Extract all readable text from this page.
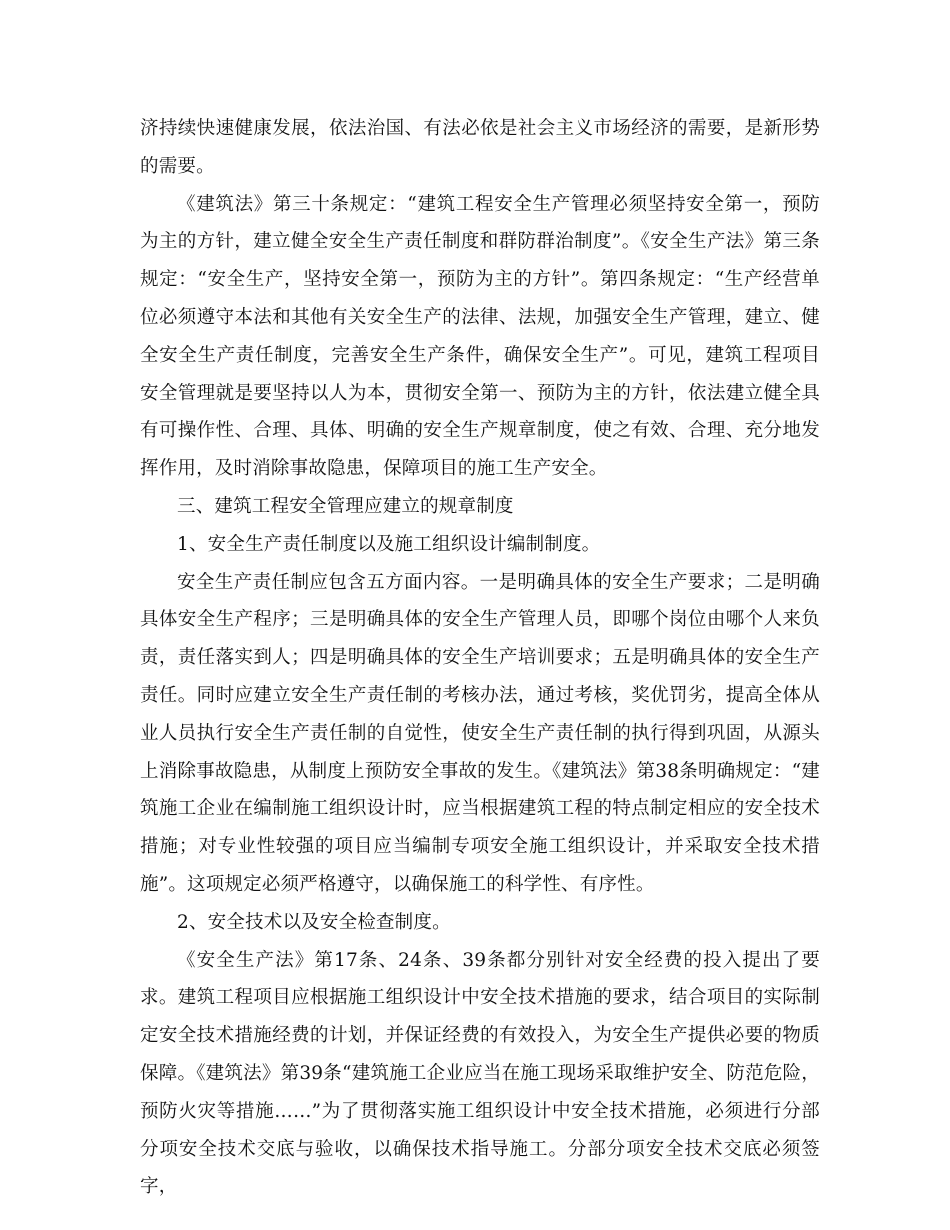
济持续快速健康发展，依法治国、有法必依是社会主义市场经济的需要，是新形势的需要。

《建筑法》第三十条规定：“建筑工程安全生产管理必须坚持安全第一，预防为主的方针，建立健全安全生产责任制度和群防群治制度”。《安全生产法》第三条规定：“安全生产，坚持安全第一，预防为主的方针”。第四条规定：“生产经营单位必须遵守本法和其他有关安全生产的法律、法规，加强安全生产管理，建立、健全安全生产责任制度，完善安全生产条件，确保安全生产”。可见，建筑工程项目安全管理就是要坚持以人为本，贯彻安全第一、预防为主的方针，依法建立健全具有可操作性、合理、具体、明确的安全生产规章制度，使之有效、合理、充分地发挥作用，及时消除事故隐患，保障项目的施工生产安全。

三、建筑工程安全管理应建立的规章制度

1、安全生产责任制度以及施工组织设计编制制度。

安全生产责任制应包含五方面内容。一是明确具体的安全生产要求；二是明确具体安全生产程序；三是明确具体的安全生产管理人员，即哪个岗位由哪个人来负责，责任落实到人；四是明确具体的安全生产培训要求；五是明确具体的安全生产责任。同时应建立安全生产责任制的考核办法，通过考核，奖优罚劣，提高全体从业人员执行安全生产责任制的自觉性，使安全生产责任制的执行得到巩固，从源头上消除事故隐患，从制度上预防安全事故的发生。《建筑法》第38条明确规定：“建筑施工企业在编制施工组织设计时，应当根据建筑工程的特点制定相应的安全技术措施；对专业性较强的项目应当编制专项安全施工组织设计，并采取安全技术措施”。这项规定必须严格遵守，以确保施工的科学性、有序性。

2、安全技术以及安全检查制度。

《安全生产法》第17条、24条、39条都分别针对安全经费的投入提出了要求。建筑工程项目应根据施工组织设计中安全技术措施的要求，结合项目的实际制定安全技术措施经费的计划，并保证经费的有效投入，为安全生产提供必要的物质保障。《建筑法》第39条“建筑施工企业应当在施工现场采取维护安全、防范危险，预防火灾等措施……”为了贯彻落实施工组织设计中安全技术措施，必须进行分部分项安全技术交底与验收，以确保技术指导施工。分部分项安全技术交底必须签字，
